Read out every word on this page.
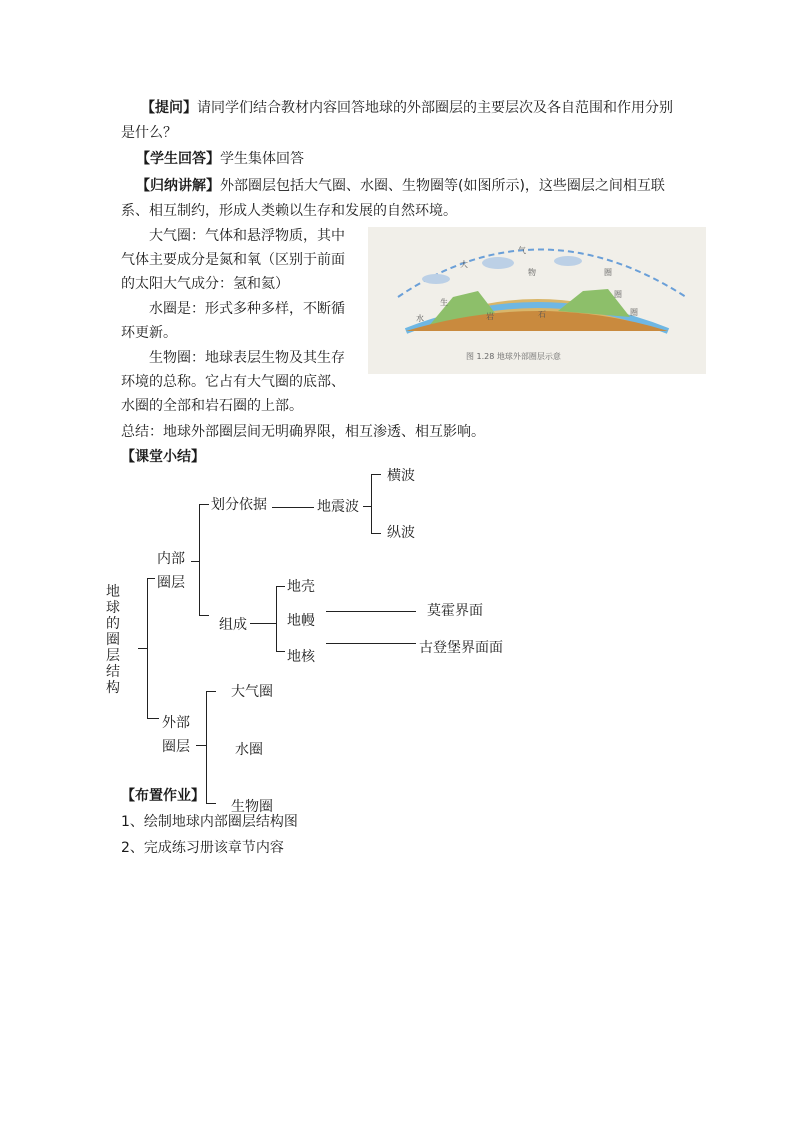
【提问】请同学们结合教材内容回答地球的外部圈层的主要层次及各自范围和作用分别
是什么？
【学生回答】学生集体回答
【归纳讲解】外部圈层包括大气圈、水圈、生物圈等(如图所示)，这些圈层之间相互联
系、相互制约，形成人类赖以生存和发展的自然环境。
大气圈：气体和悬浮物质，其中
气体主要成分是氮和氧（区别于前面
的太阳大气成分：氢和氦）
水圈是：形式多种多样，不断循
环更新。
生物圈：地球表层生物及其生存
环境的总称。它占有大气圈的底部、
水圈的全部和岩石圈的上部。
总结：地球外部圈层间无明确界限，相互渗透、相互影响。
大
气
圈
物
圈
生
石
岩
水
圈
图 1.28 地球外部圈层示意
【课堂小结】
地球的圈层结构
内部
圈层
划分依据	地震波
横波
纵波
组成
地壳
地幔
地核
莫霍界面
古登堡界面面
外部
圈层
大气圈
水圈
生物圈
【布置作业】
1、绘制地球内部圈层结构图
2、完成练习册该章节内容
